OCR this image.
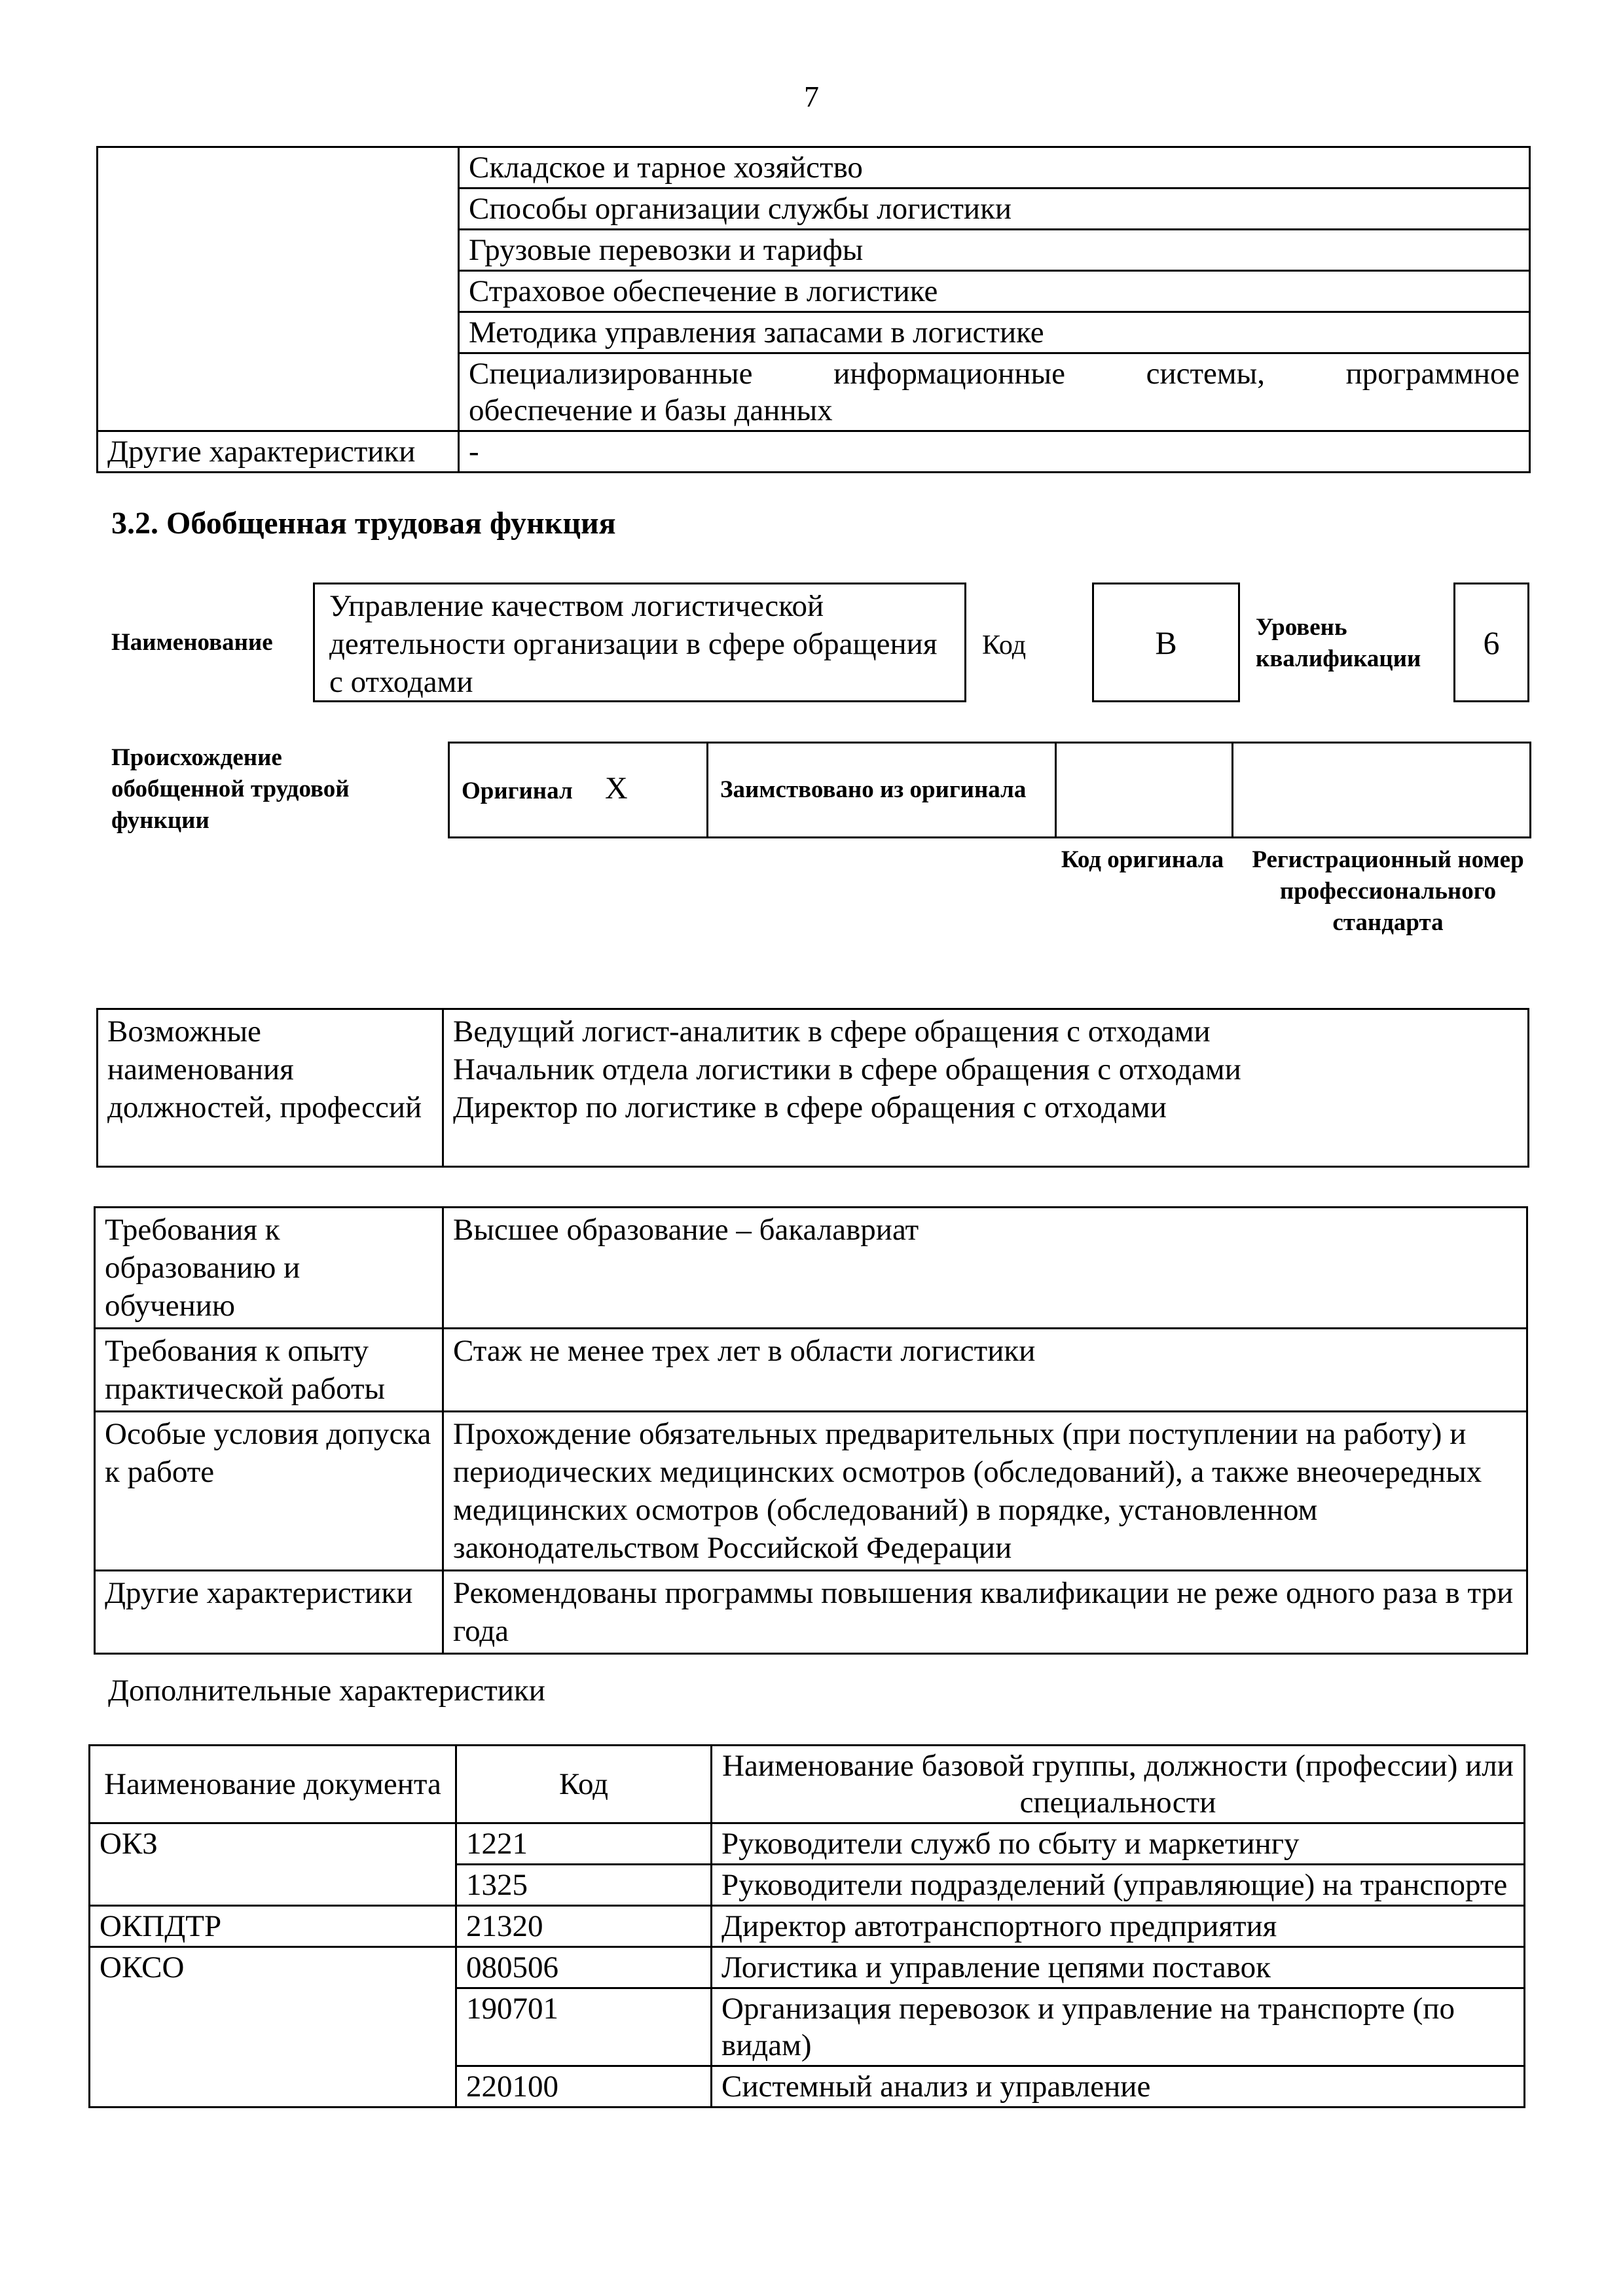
7
	Складское и тарное хозяйство
	Способы организации службы логистики
	Грузовые перевозки и тарифы
	Страховое обеспечение в логистике
	Методика управления запасами в логистике

	Специализированные информационные системы, программное
обеспечение и базы данных

Другие характеристики	-
3.2. Обобщенная трудовая функция
Наименование
Управление качеством логистической деятельности организации в сфере обращения с отходами
Код	B	Уровень квалификации	6
Происхождение обобщенной трудовой функции
Оригинал X	Заимствовано из оригинала		
Код оригинала	Регистрационный номер профессионального стандарта
Возможные наименования должностей, профессий	
Ведущий логист-аналитик в сфере обращения с отходами
Начальник отдела логистики в сфере обращения с отходами
Директор по логистике в сфере обращения с отходами
Требования к образованию и обучению	Высшее образование – бакалавриат
Требования к опыту практической работы	Стаж не менее трех лет в области логистики
Особые условия допуска к работе	Прохождение обязательных предварительных (при поступлении на работу) и периодических медицинских осмотров (обследований), а также внеочередных медицинских осмотров (обследований) в порядке, установленном законодательством Российской Федерации
Другие характеристики	Рекомендованы программы повышения квалификации не реже одного раза в три года
Дополнительные характеристики
Наименование документа	Код	Наименование базовой группы, должности (профессии) или специальности
ОКЗ	1221	Руководители служб по сбыту и маркетингу
	1325	Руководители подразделений (управляющие) на транспорте
ОКПДТР	21320	Директор автотранспортного предприятия
ОКСО	080506	Логистика и управление цепями поставок
	190701	Организация перевозок и управление на транспорте (по видам)
	220100	Системный анализ и управление
